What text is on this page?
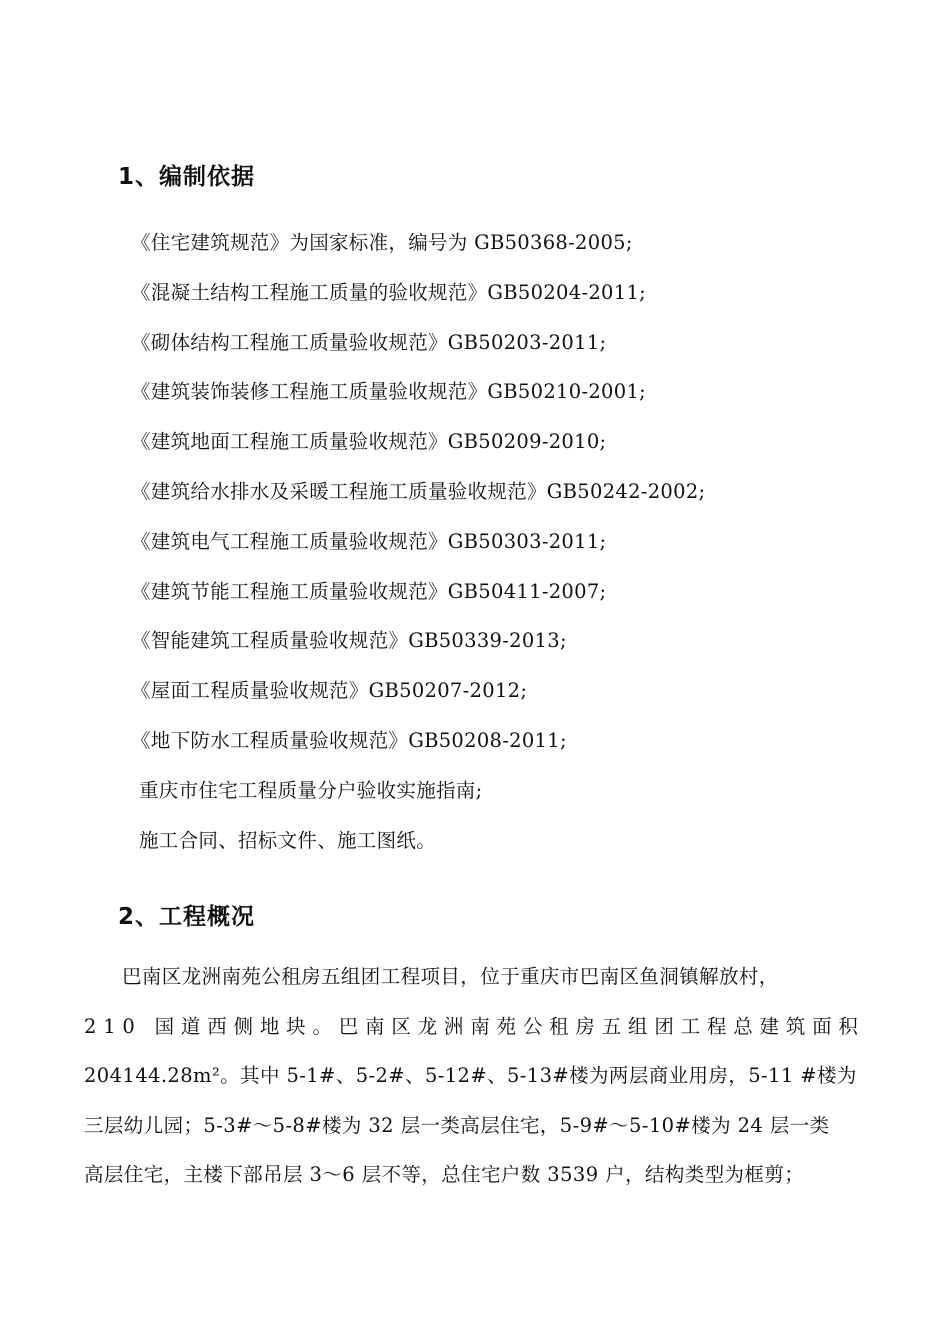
1、编制依据
《住宅建筑规范》为国家标准，编号为 GB50368-2005;
《混凝土结构工程施工质量的验收规范》GB50204-2011;
《砌体结构工程施工质量验收规范》GB50203-2011;
《建筑装饰装修工程施工质量验收规范》GB50210-2001;
《建筑地面工程施工质量验收规范》GB50209-2010;
《建筑给水排水及采暖工程施工质量验收规范》GB50242-2002;
《建筑电气工程施工质量验收规范》GB50303-2011;
《建筑节能工程施工质量验收规范》GB50411-2007;
《智能建筑工程质量验收规范》GB50339-2013;
《屋面工程质量验收规范》GB50207-2012;
《地下防水工程质量验收规范》GB50208-2011;
重庆市住宅工程质量分户验收实施指南;
施工合同、招标文件、施工图纸。
2、工程概况
巴南区龙洲南苑公租房五组团工程项目，位于重庆市巴南区鱼洞镇解放村，
210 国道西侧地块。巴南区龙洲南苑公租房五组团工程总建筑面积
204144.28m²。其中 5-1#、5-2#、5-12#、5-13#楼为两层商业用房，5-11 #楼为
三层幼儿园；5-3#～5-8#楼为 32 层一类高层住宅，5-9#～5-10#楼为 24 层一类
高层住宅，主楼下部吊层 3～6 层不等，总住宅户数 3539 户，结构类型为框剪；
